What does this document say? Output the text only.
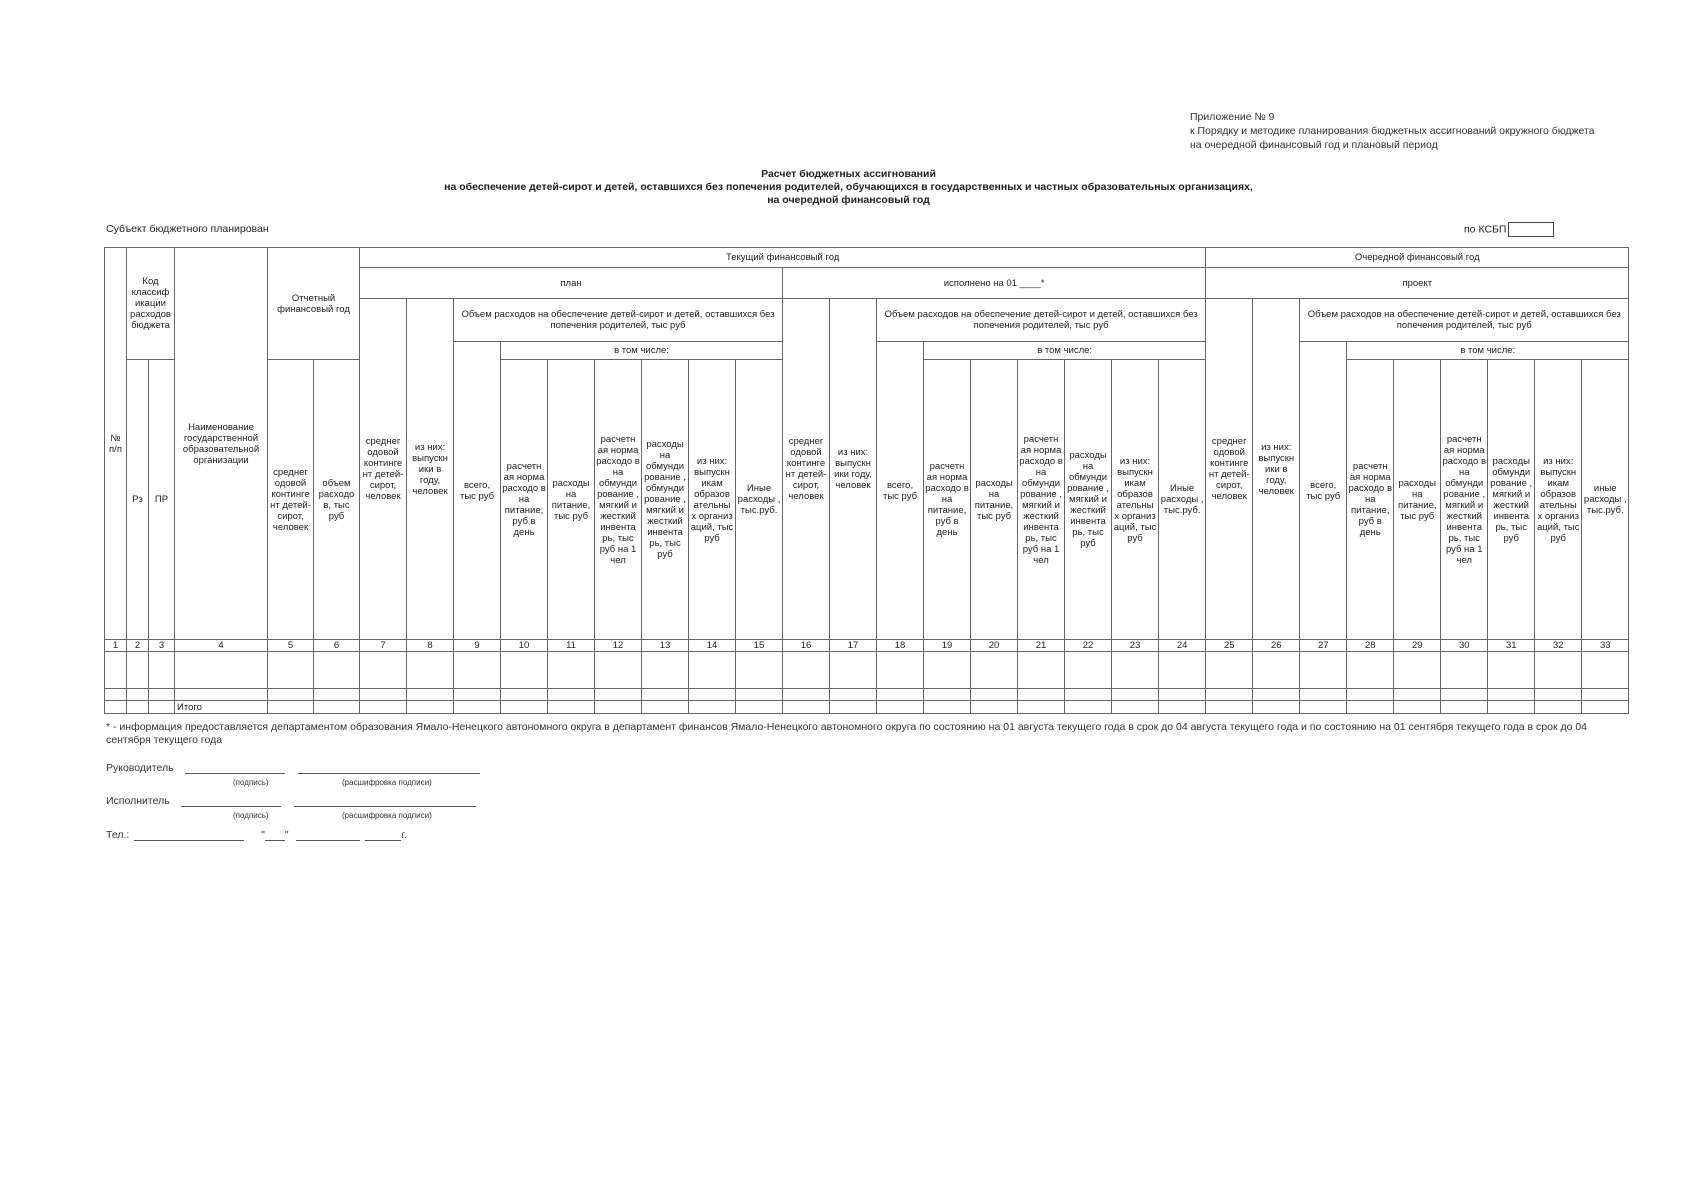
Приложение № 9
к Порядку и методике планирования бюджетных ассигнований окружного бюджета
на очередной финансовый год и плановый период
Расчет бюджетных ассигнований
на обеспечение детей-сирот и детей, оставшихся без попечения родителей, обучающихся в государственных и частных образовательных организациях,
на очередной финансовый год
Субъект бюджетного планирован	по КСБП
№ п/п	Код классиф икации расходов бюджета		Наименование государственной образовательной организации	Отчетный финансовый год		Текущий финансовый год																		Очередной финансовый год								
						план									исполнено на 01 ____*									проект								
						среднег одовой континге нт детей-сирот, человек	из них: выпускн ики в году, человек	Объем расходов на обеспечение детей-сирот и детей, оставшихся без попечения родителей, тыс руб							среднег одовой континге нт детей-сирот, человек	из них: выпускн ики году, человек	Объем расходов на обеспечение детей-сирот и детей, оставшихся без попечения родителей, тыс руб							среднег одовой континге нт детей-сирот, человек	из них: выпускн ики в году, человек	Объем расходов на обеспечение детей-сирот и детей, оставшихся без попечения родителей, тыс руб						
								всего, тыс руб	в том числе:								всего, тыс руб	в том числе:								всего, тыс руб	в том числе:					
	Рз	ПР		среднег одовой континге нт детей-сирот, человек	объем расходо в, тыс руб				расчетн ая норма расходо в на питание, руб в день	расходы на питание, тыс руб	расчетн ая норма расходо в на обмунди рование , мягкий и жесткий инвента рь, тыс руб на 1 чел	расходы на обмунди рование , обмунди рование , мягкий и жесткий инвента рь, тыс руб	из них: выпускн икам образов ательны х организ аций, тыс руб	Иные расходы , тыс.руб.				расчетн ая норма расходо в на питание, руб в день	расходы на питание, тыс руб	расчетн ая норма расходо в на обмунди рование , мягкий и жесткий инвента рь, тыс руб на 1 чел	расходы на обмунди рование , мягкий и жесткий инвента рь, тыс руб	из них: выпускн икам образов ательны х организ аций, тыс руб	Иные расходы , тыс.руб.				расчетн ая норма расходо в на питание, руб в день	расходы на питание, тыс руб	расчетн ая норма расходо в на обмунди рование , мягкий и жесткий инвента рь, тыс руб на 1 чел	расходы обмунди рование , мягкий и жесткий инвента рь, тыс руб	из них: выпускн икам образов ательны х организ аций, тыс руб	иные расходы , тыс.руб.

1	2	3	4	5	6	7	8	9	10	11	12	13	14	15	16	17	18	19	20	21	22	23	24	25	26	27	28	29	30	31	32	33

			Итого																													
* - информация предоставляется департаментом образования Ямало-Ненецкого автономного округа в департамент финансов Ямало-Ненецкого автономного округа по состоянию на 01 августа текущего года в срок до 04 августа текущего года и по состоянию на 01 сентября текущего года в срок до 04 сентября текущего года
Руководитель
(подпись)	(расшифровка подписи)
Исполнитель
(подпись)	(расшифровка подписи)
Тел.:	" "	г.
